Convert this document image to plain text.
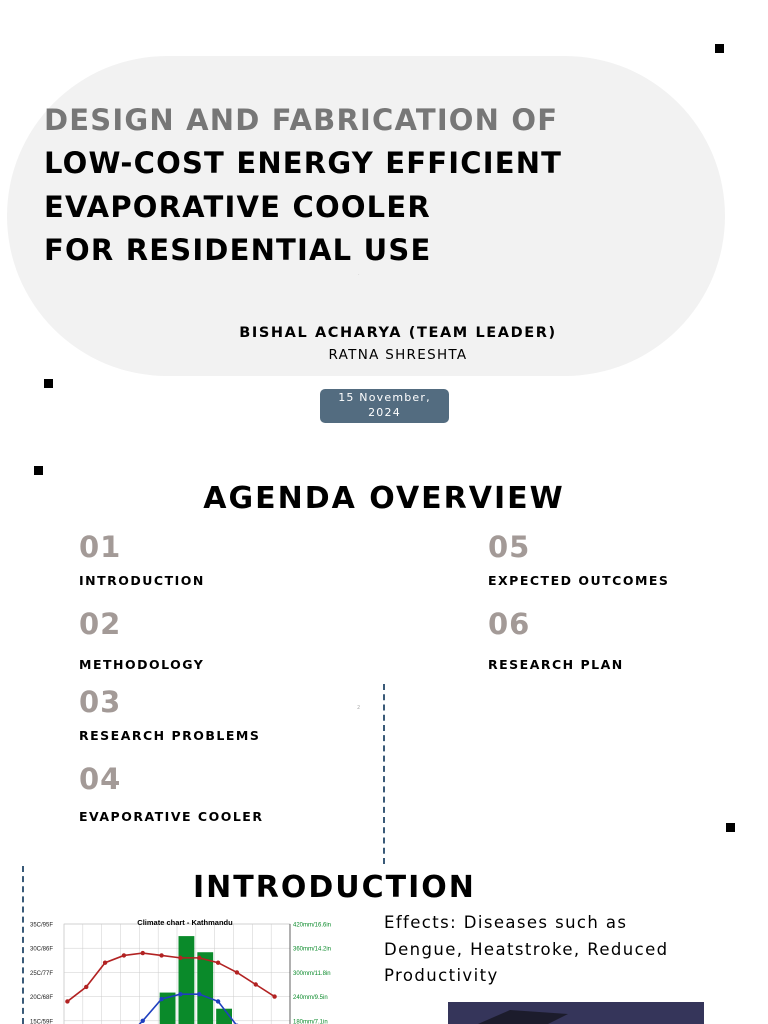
DESIGN AND FABRICATION OF
LOW-COST ENERGY EFFICIENT
EVAPORATIVE COOLER
FOR RESIDENTIAL USE
·
BISHAL ACHARYA (TEAM LEADER)
RATNA SHRESHTA
15 November,
2024
AGENDA OVERVIEW
01
INTRODUCTION
02
METHODOLOGY
03
RESEARCH PROBLEMS
04
EVAPORATIVE COOLER
05
EXPECTED OUTCOMES
06
RESEARCH PLAN
2
INTRODUCTION
Effects: Diseases such as Dengue, Heatstroke, Reduced Productivity
35C/95F
30C/86F
25C/77F
20C/68F
15C/59F
420mm/16.6in
360mm/14.2in
300mm/11.8in
240mm/9.5in
180mm/7.1in
Climate chart - Kathmandu
